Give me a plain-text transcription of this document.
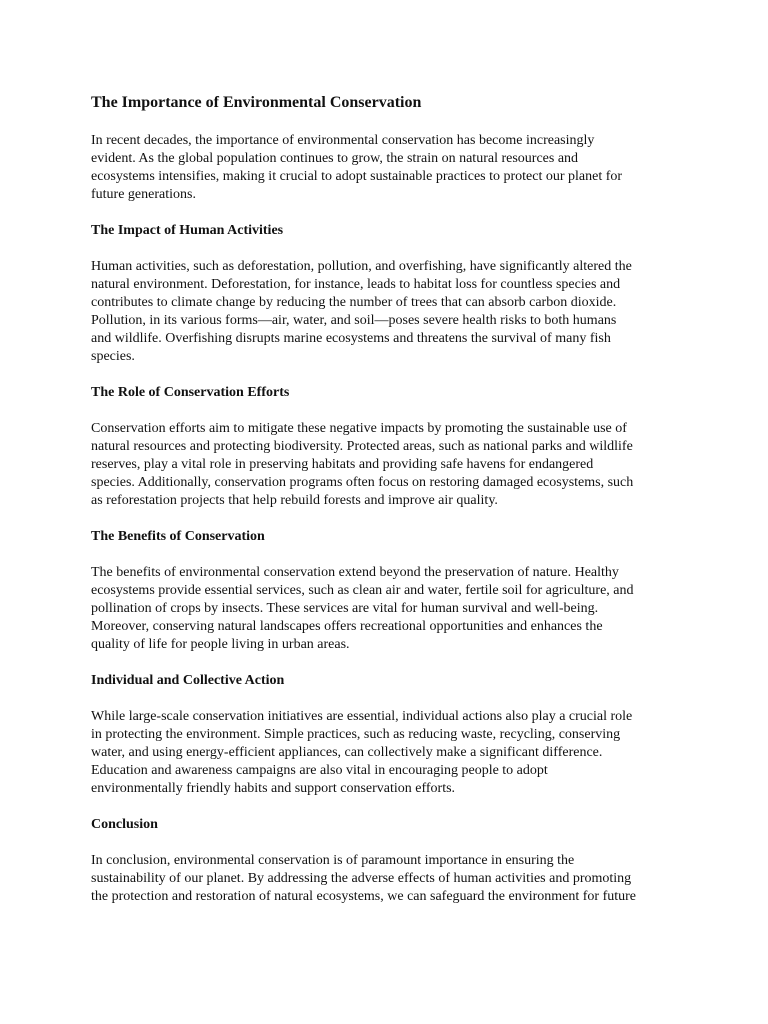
The Importance of Environmental Conservation

In recent decades, the importance of environmental conservation has become increasingly
evident. As the global population continues to grow, the strain on natural resources and
ecosystems intensifies, making it crucial to adopt sustainable practices to protect our planet for
future generations.

The Impact of Human Activities

Human activities, such as deforestation, pollution, and overfishing, have significantly altered the
natural environment. Deforestation, for instance, leads to habitat loss for countless species and
contributes to climate change by reducing the number of trees that can absorb carbon dioxide.
Pollution, in its various forms—air, water, and soil—poses severe health risks to both humans
and wildlife. Overfishing disrupts marine ecosystems and threatens the survival of many fish
species.

The Role of Conservation Efforts

Conservation efforts aim to mitigate these negative impacts by promoting the sustainable use of
natural resources and protecting biodiversity. Protected areas, such as national parks and wildlife
reserves, play a vital role in preserving habitats and providing safe havens for endangered
species. Additionally, conservation programs often focus on restoring damaged ecosystems, such
as reforestation projects that help rebuild forests and improve air quality.

The Benefits of Conservation

The benefits of environmental conservation extend beyond the preservation of nature. Healthy
ecosystems provide essential services, such as clean air and water, fertile soil for agriculture, and
pollination of crops by insects. These services are vital for human survival and well-being.
Moreover, conserving natural landscapes offers recreational opportunities and enhances the
quality of life for people living in urban areas.

Individual and Collective Action

While large-scale conservation initiatives are essential, individual actions also play a crucial role
in protecting the environment. Simple practices, such as reducing waste, recycling, conserving
water, and using energy-efficient appliances, can collectively make a significant difference.
Education and awareness campaigns are also vital in encouraging people to adopt
environmentally friendly habits and support conservation efforts.

Conclusion

In conclusion, environmental conservation is of paramount importance in ensuring the
sustainability of our planet. By addressing the adverse effects of human activities and promoting
the protection and restoration of natural ecosystems, we can safeguard the environment for future
